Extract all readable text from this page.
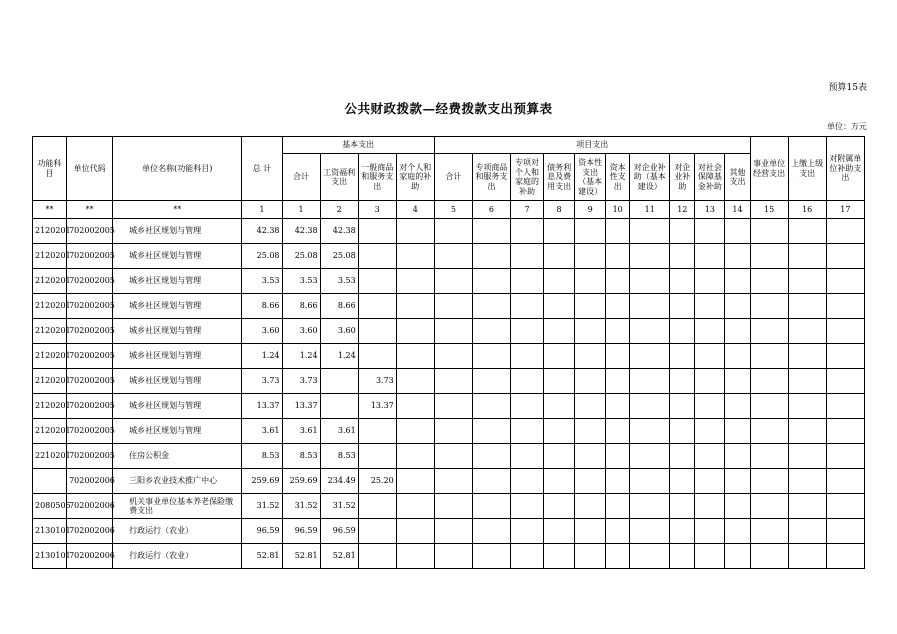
预算15表
公共财政拨款—经费拨款支出预算表
单位：万元
功能科目	单位代码	单位名称(功能科目)	总 计	基本支出				项目支出										事业单位经营支出	上缴上级支出	对附属单位补助支出
				合计	工资福利支出	一般商品和服务支出	对个人和家庭的补助	合计	专项商品和服务支出	专项对个人和家庭的补助	债务利息及费用支出	资本性支出（基本建设）	资本性支出	对企业补助（基本建设）	对企业补助	对社会保障基金补助	其他支出			
**	**	**	1	1	2	3	4	5	6	7	8	9	10	11	12	13	14	15	16	17
2120201	702002005	城乡社区规划与管理	42.38	42.38	42.38															
2120201	702002005	城乡社区规划与管理	25.08	25.08	25.08															
2120201	702002005	城乡社区规划与管理	3.53	3.53	3.53															
2120201	702002005	城乡社区规划与管理	8.66	8.66	8.66															
2120201	702002005	城乡社区规划与管理	3.60	3.60	3.60															
2120201	702002005	城乡社区规划与管理	1.24	1.24	1.24															
2120201	702002005	城乡社区规划与管理	3.73	3.73		3.73														
2120201	702002005	城乡社区规划与管理	13.37	13.37		13.37														
2120201	702002005	城乡社区规划与管理	3.61	3.61	3.61															
2210201	702002005	住房公积金	8.53	8.53	8.53															
	702002006	三阳乡农业技术推广中心	259.69	259.69	234.49	25.20														
2080505	702002006	机关事业单位基本养老保险缴费支出	31.52	31.52	31.52															
2130101	702002006	行政运行（农业）	96.59	96.59	96.59															
2130101	702002006	行政运行（农业）	52.81	52.81	52.81															
